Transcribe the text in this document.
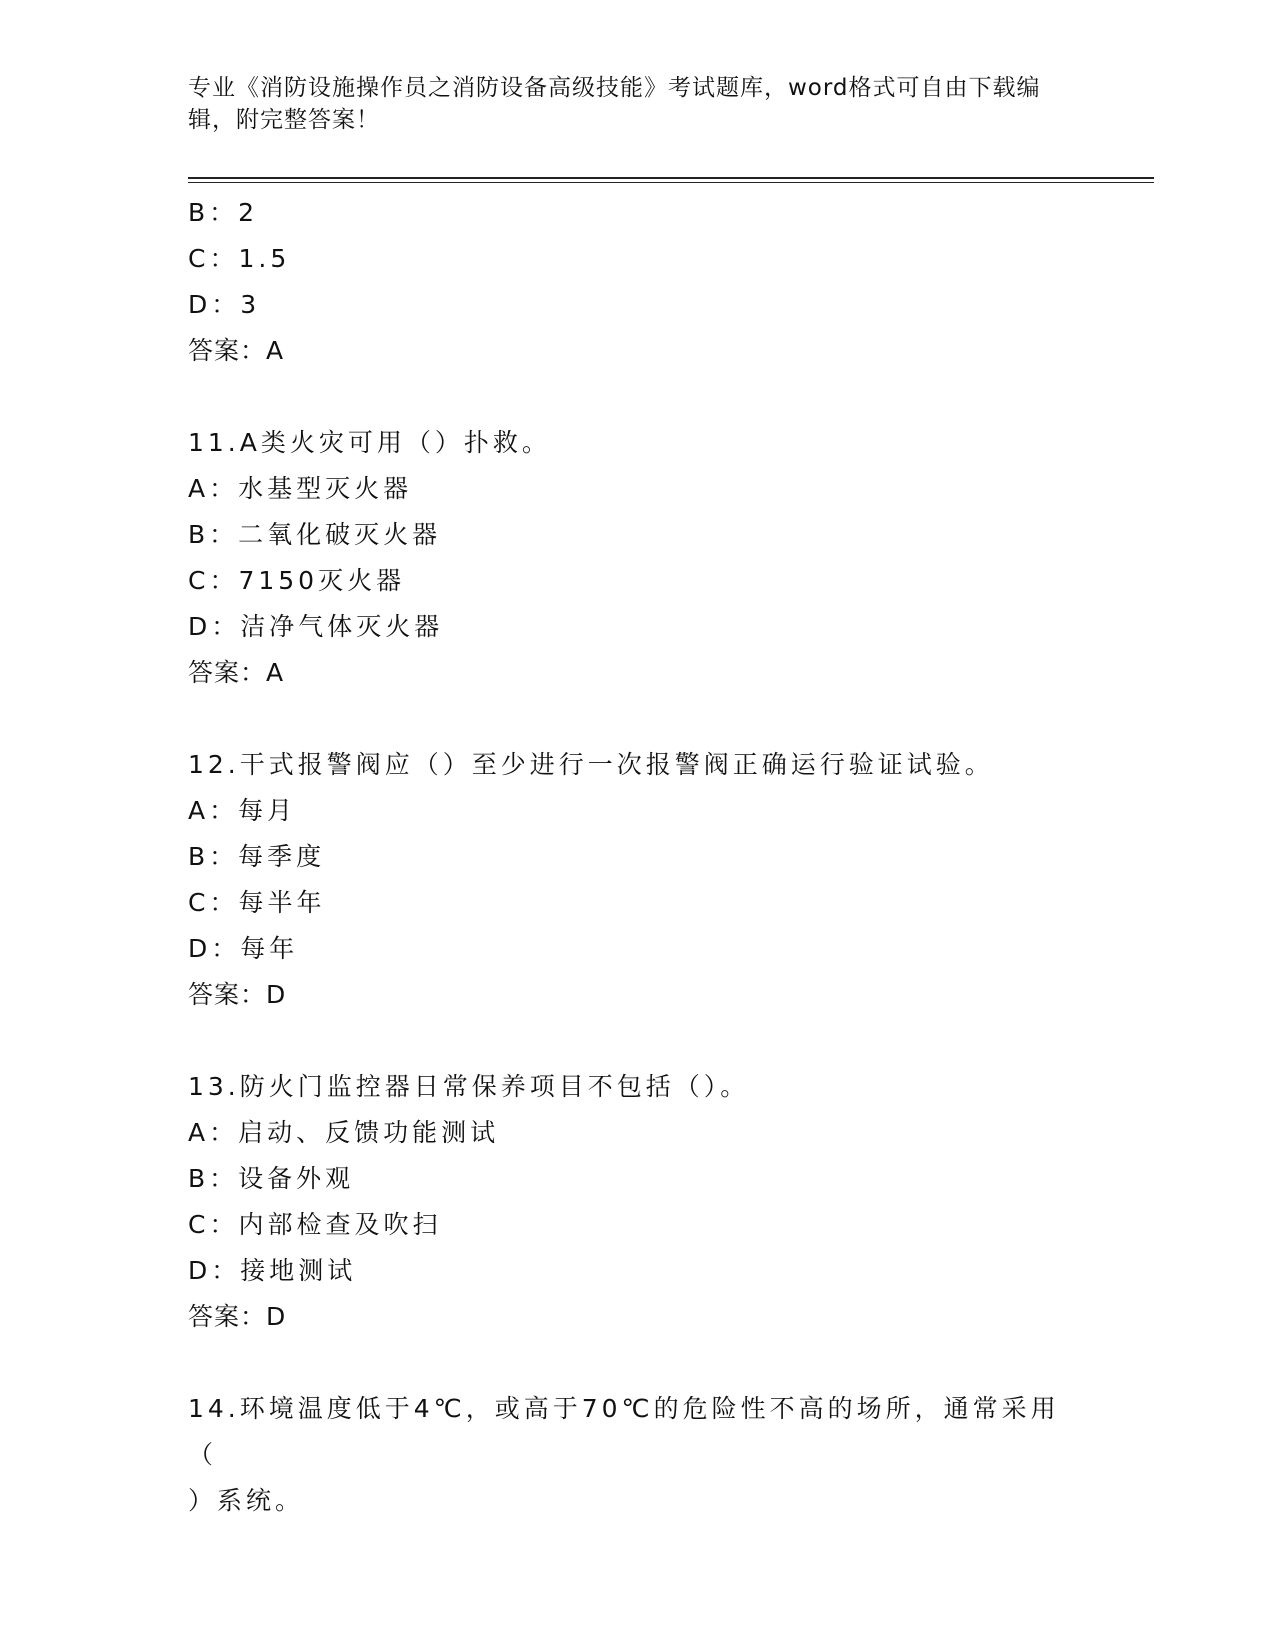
专业《消防设施操作员之消防设备高级技能》考试题库，word格式可自由下载编
辑，附完整答案！
B：2
C：1.5
D：3
答案：A
11.A类火灾可用（）扑救。
A：水基型灭火器
B：二氧化破灭火器
C：7150灭火器
D：洁净气体灭火器
答案：A
12.干式报警阀应（）至少进行一次报警阀正确运行验证试验。
A：每月
B：每季度
C：每半年
D：每年
答案：D
13.防火门监控器日常保养项目不包括（）。
A：启动、反馈功能测试
B：设备外观
C：内部检查及吹扫
D：接地测试
答案：D
14.环境温度低于4℃，或高于70℃的危险性不高的场所，通常采用（
）系统。
